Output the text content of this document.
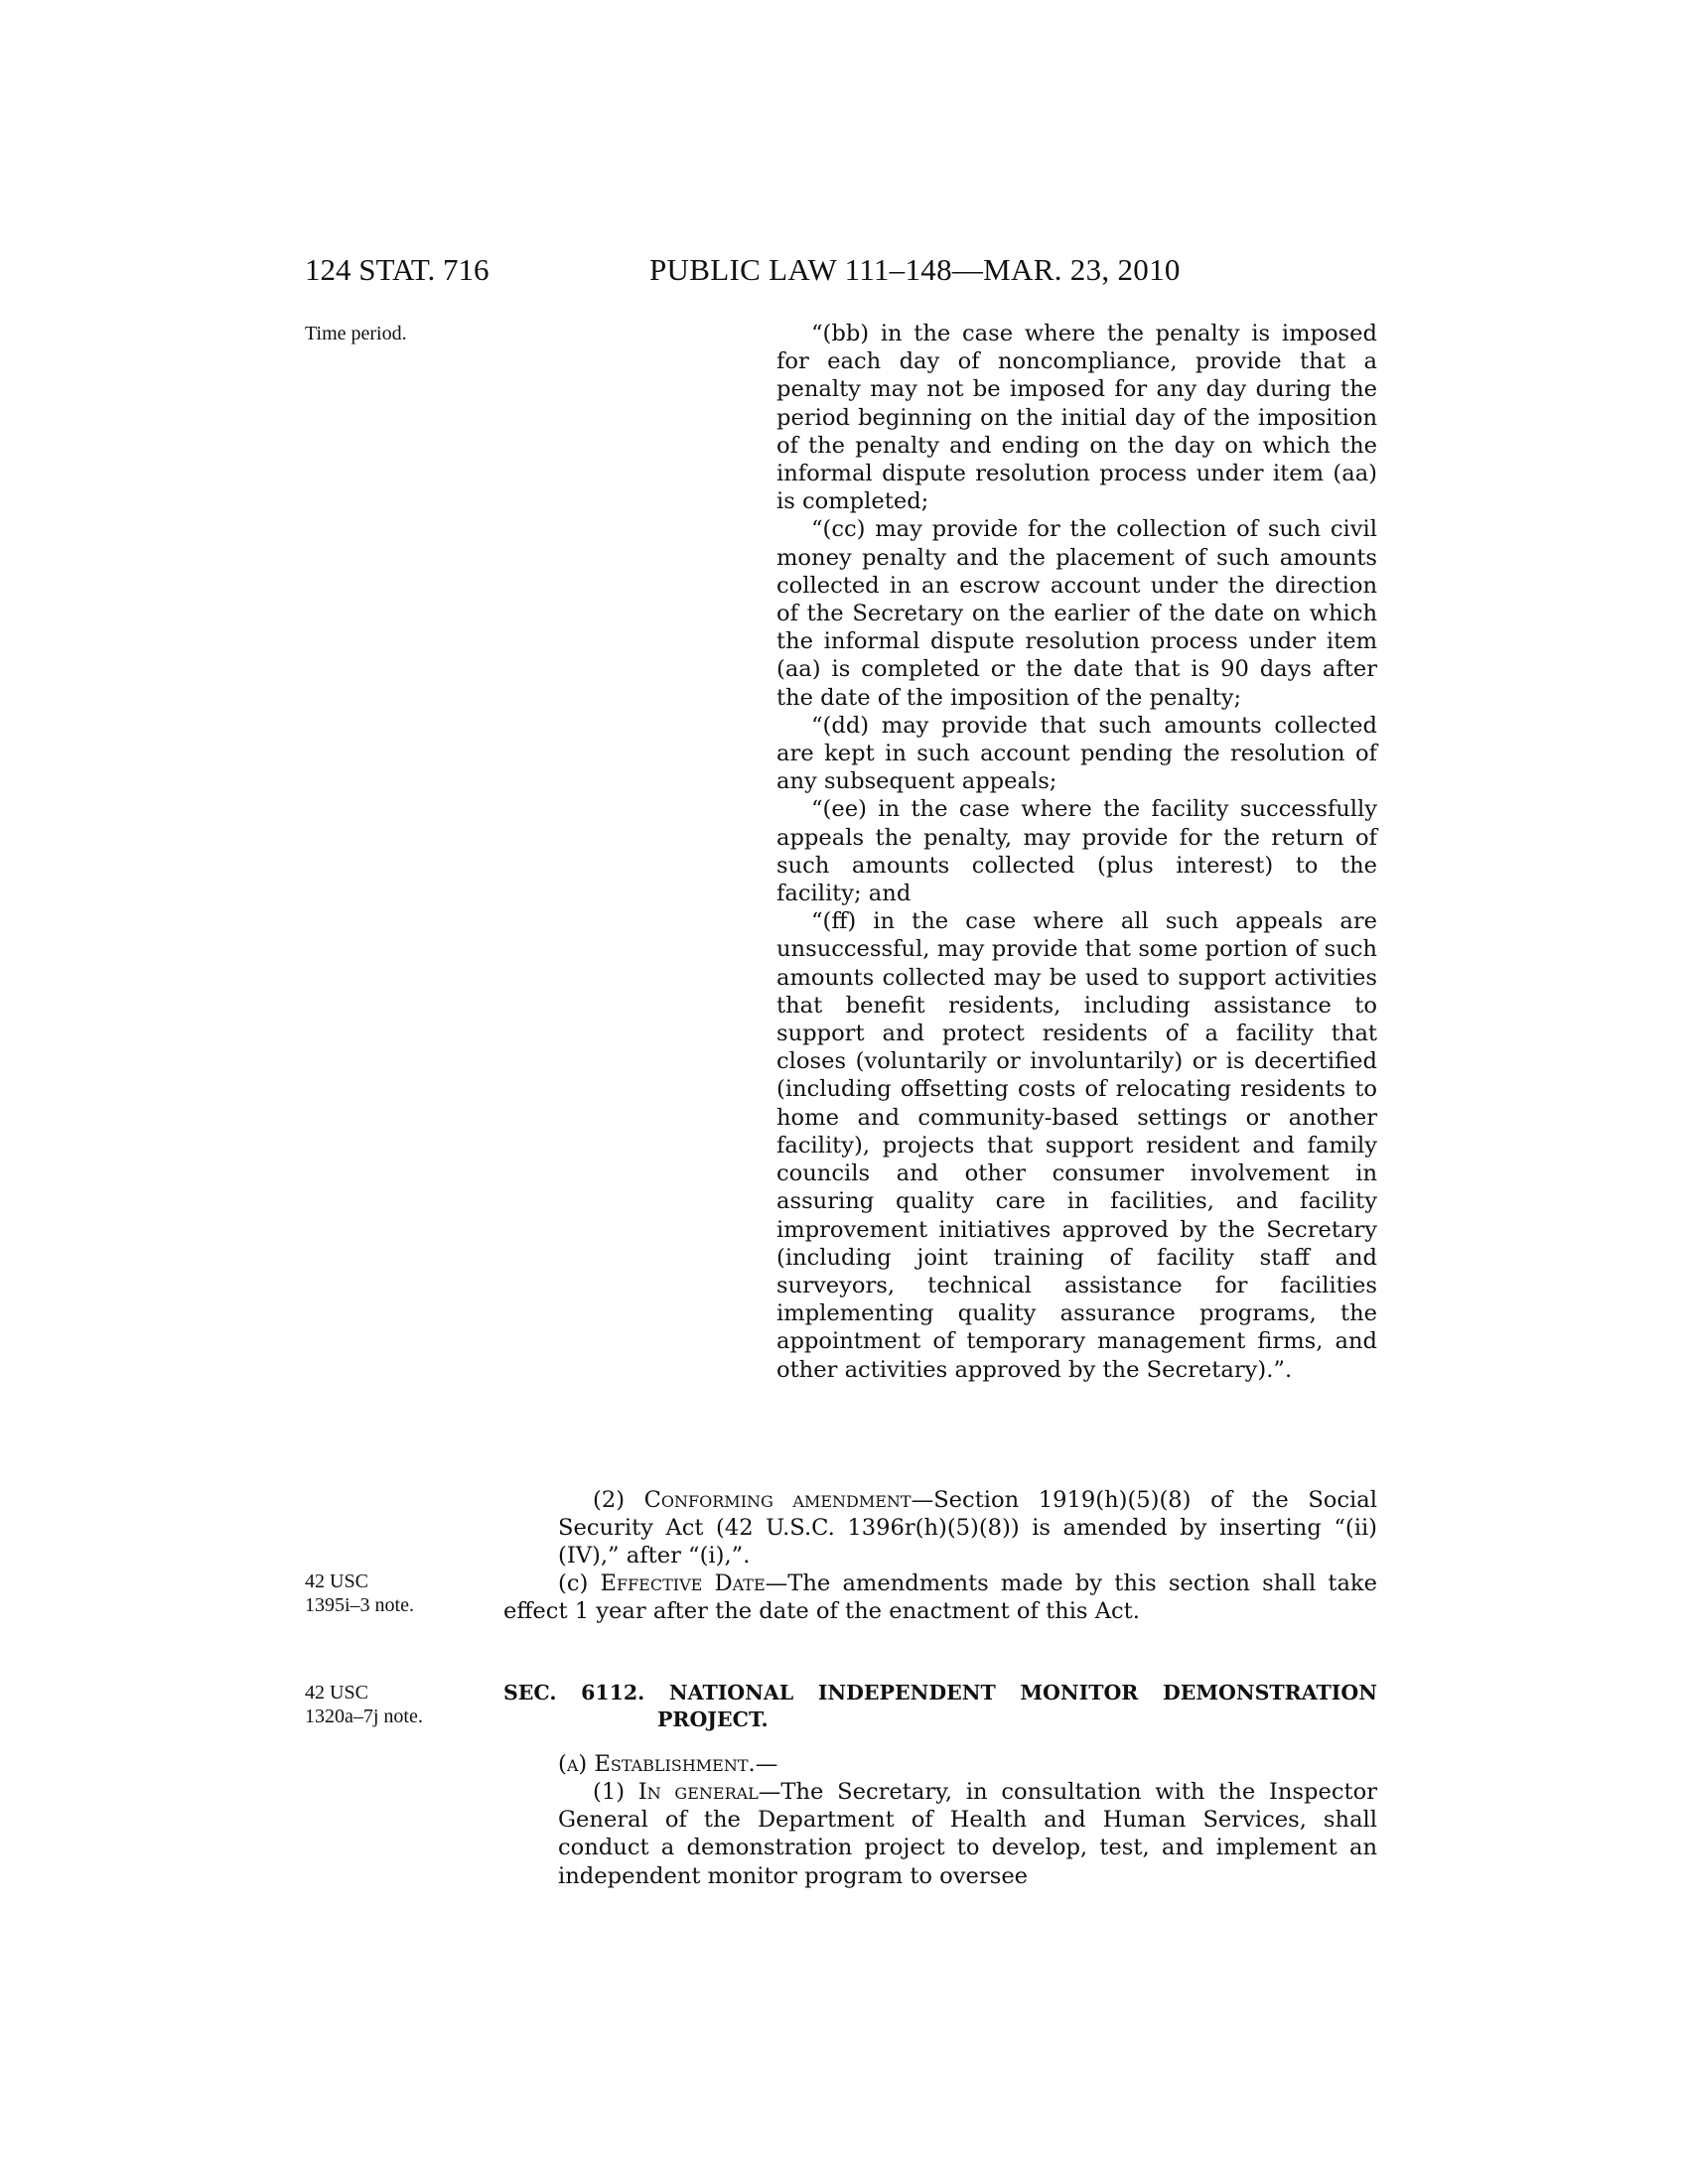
124 STAT. 716	PUBLIC LAW 111–148—MAR. 23, 2010
Time period.
42 USC
1395i–3 note.
42 USC
1320a–7j note.

“(bb) in the case where the penalty is imposed for each day of noncompliance, provide that a penalty may not be imposed for any day during the period beginning on the initial day of the imposition of the penalty and ending on the day on which the informal dispute resolution process under item (aa) is completed;

“(cc) may provide for the collection of such civil money penalty and the placement of such amounts collected in an escrow account under the direction of the Secretary on the earlier of the date on which the informal dispute resolution process under item (aa) is completed or the date that is 90 days after the date of the imposition of the penalty;

“(dd) may provide that such amounts collected are kept in such account pending the resolution of any subsequent appeals;

“(ee) in the case where the facility successfully appeals the penalty, may provide for the return of such amounts collected (plus interest) to the facility; and

“(ff) in the case where all such appeals are unsuccessful, may provide that some portion of such amounts collected may be used to support activities that benefit residents, including assistance to support and protect residents of a facility that closes (voluntarily or involuntarily) or is decertified (including offsetting costs of relocating residents to home and community-based settings or another facility), projects that support resident and family councils and other consumer involvement in assuring quality care in facilities, and facility improvement initiatives approved by the Secretary (including joint training of facility staff and surveyors, technical assistance for facilities implementing quality assurance programs, the appointment of temporary management firms, and other activities approved by the Secretary).”.

(2) Conforming amendment—Section 1919(h)(5)(8) of the Social Security Act (42 U.S.C. 1396r(h)(5)(8)) is amended by inserting “(ii)(IV),” after “(i),”.

(c) Effective Date—The amendments made by this section shall take effect 1 year after the date of the enactment of this Act.

SEC. 6112. NATIONAL INDEPENDENT MONITOR DEMONSTRATION
PROJECT.

(a) Establishment.—

(1) In general—The Secretary, in consultation with the Inspector General of the Department of Health and Human Services, shall conduct a demonstration project to develop, test, and implement an independent monitor program to oversee
